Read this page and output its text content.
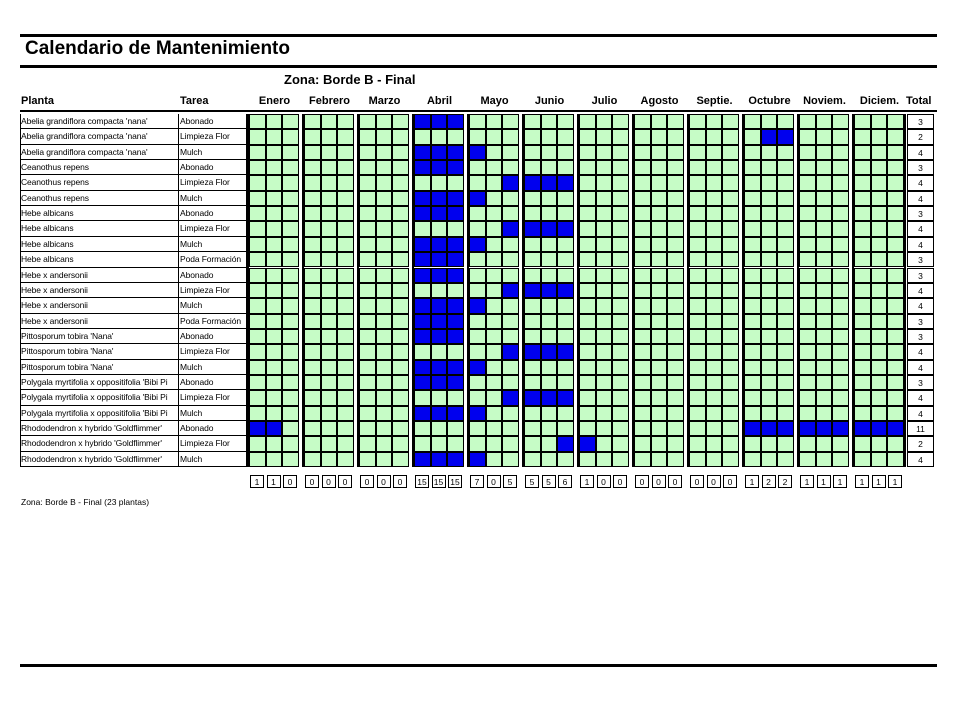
Calendario de Mantenimiento
Zona: Borde B - Final
Planta	Tarea	Enero	Febrero	Marzo	Abril	Mayo	Junio	Julio	Agosto	Septie.	Octubre	Noviem.	Diciem. Total
Abelia grandiflora compacta 'nana'	Abonado	3
Abelia grandiflora compacta 'nana'	Limpieza Flor	2
Abelia grandiflora compacta 'nana'	Mulch	4
Ceanothus repens	Abonado	3
Ceanothus repens	Limpieza Flor	4
Ceanothus repens	Mulch	4
Hebe albicans	Abonado	3
Hebe albicans	Limpieza Flor	4
Hebe albicans	Mulch	4
Hebe albicans	Poda Formación	3
Hebe x andersonii	Abonado	3
Hebe x andersonii	Limpieza Flor	4
Hebe x andersonii	Mulch	4
Hebe x andersonii	Poda Formación	3
Pittosporum tobira 'Nana'	Abonado	3
Pittosporum tobira 'Nana'	Limpieza Flor	4
Pittosporum tobira 'Nana'	Mulch	4
Polygala myrtifolia x oppositifolia 'Bibi Pi	Abonado	3
Polygala myrtifolia x oppositifolia 'Bibi Pi	Limpieza Flor	4
Polygala myrtifolia x oppositifolia 'Bibi Pi	Mulch	4
Rhododendron x hybrido 'Goldflimmer'	Abonado	11
Rhododendron x hybrido 'Goldflimmer'	Limpieza Flor	2
Rhododendron x hybrido 'Goldflimmer'	Mulch	4
1	1	0	0	0	0	0	0	0	15 15 15	7	0	5	5	5	6	1	0	0	0	0	0	0	0	0	1	2	2	1	1	1	1	1	1
Zona: Borde B - Final (23 plantas)
